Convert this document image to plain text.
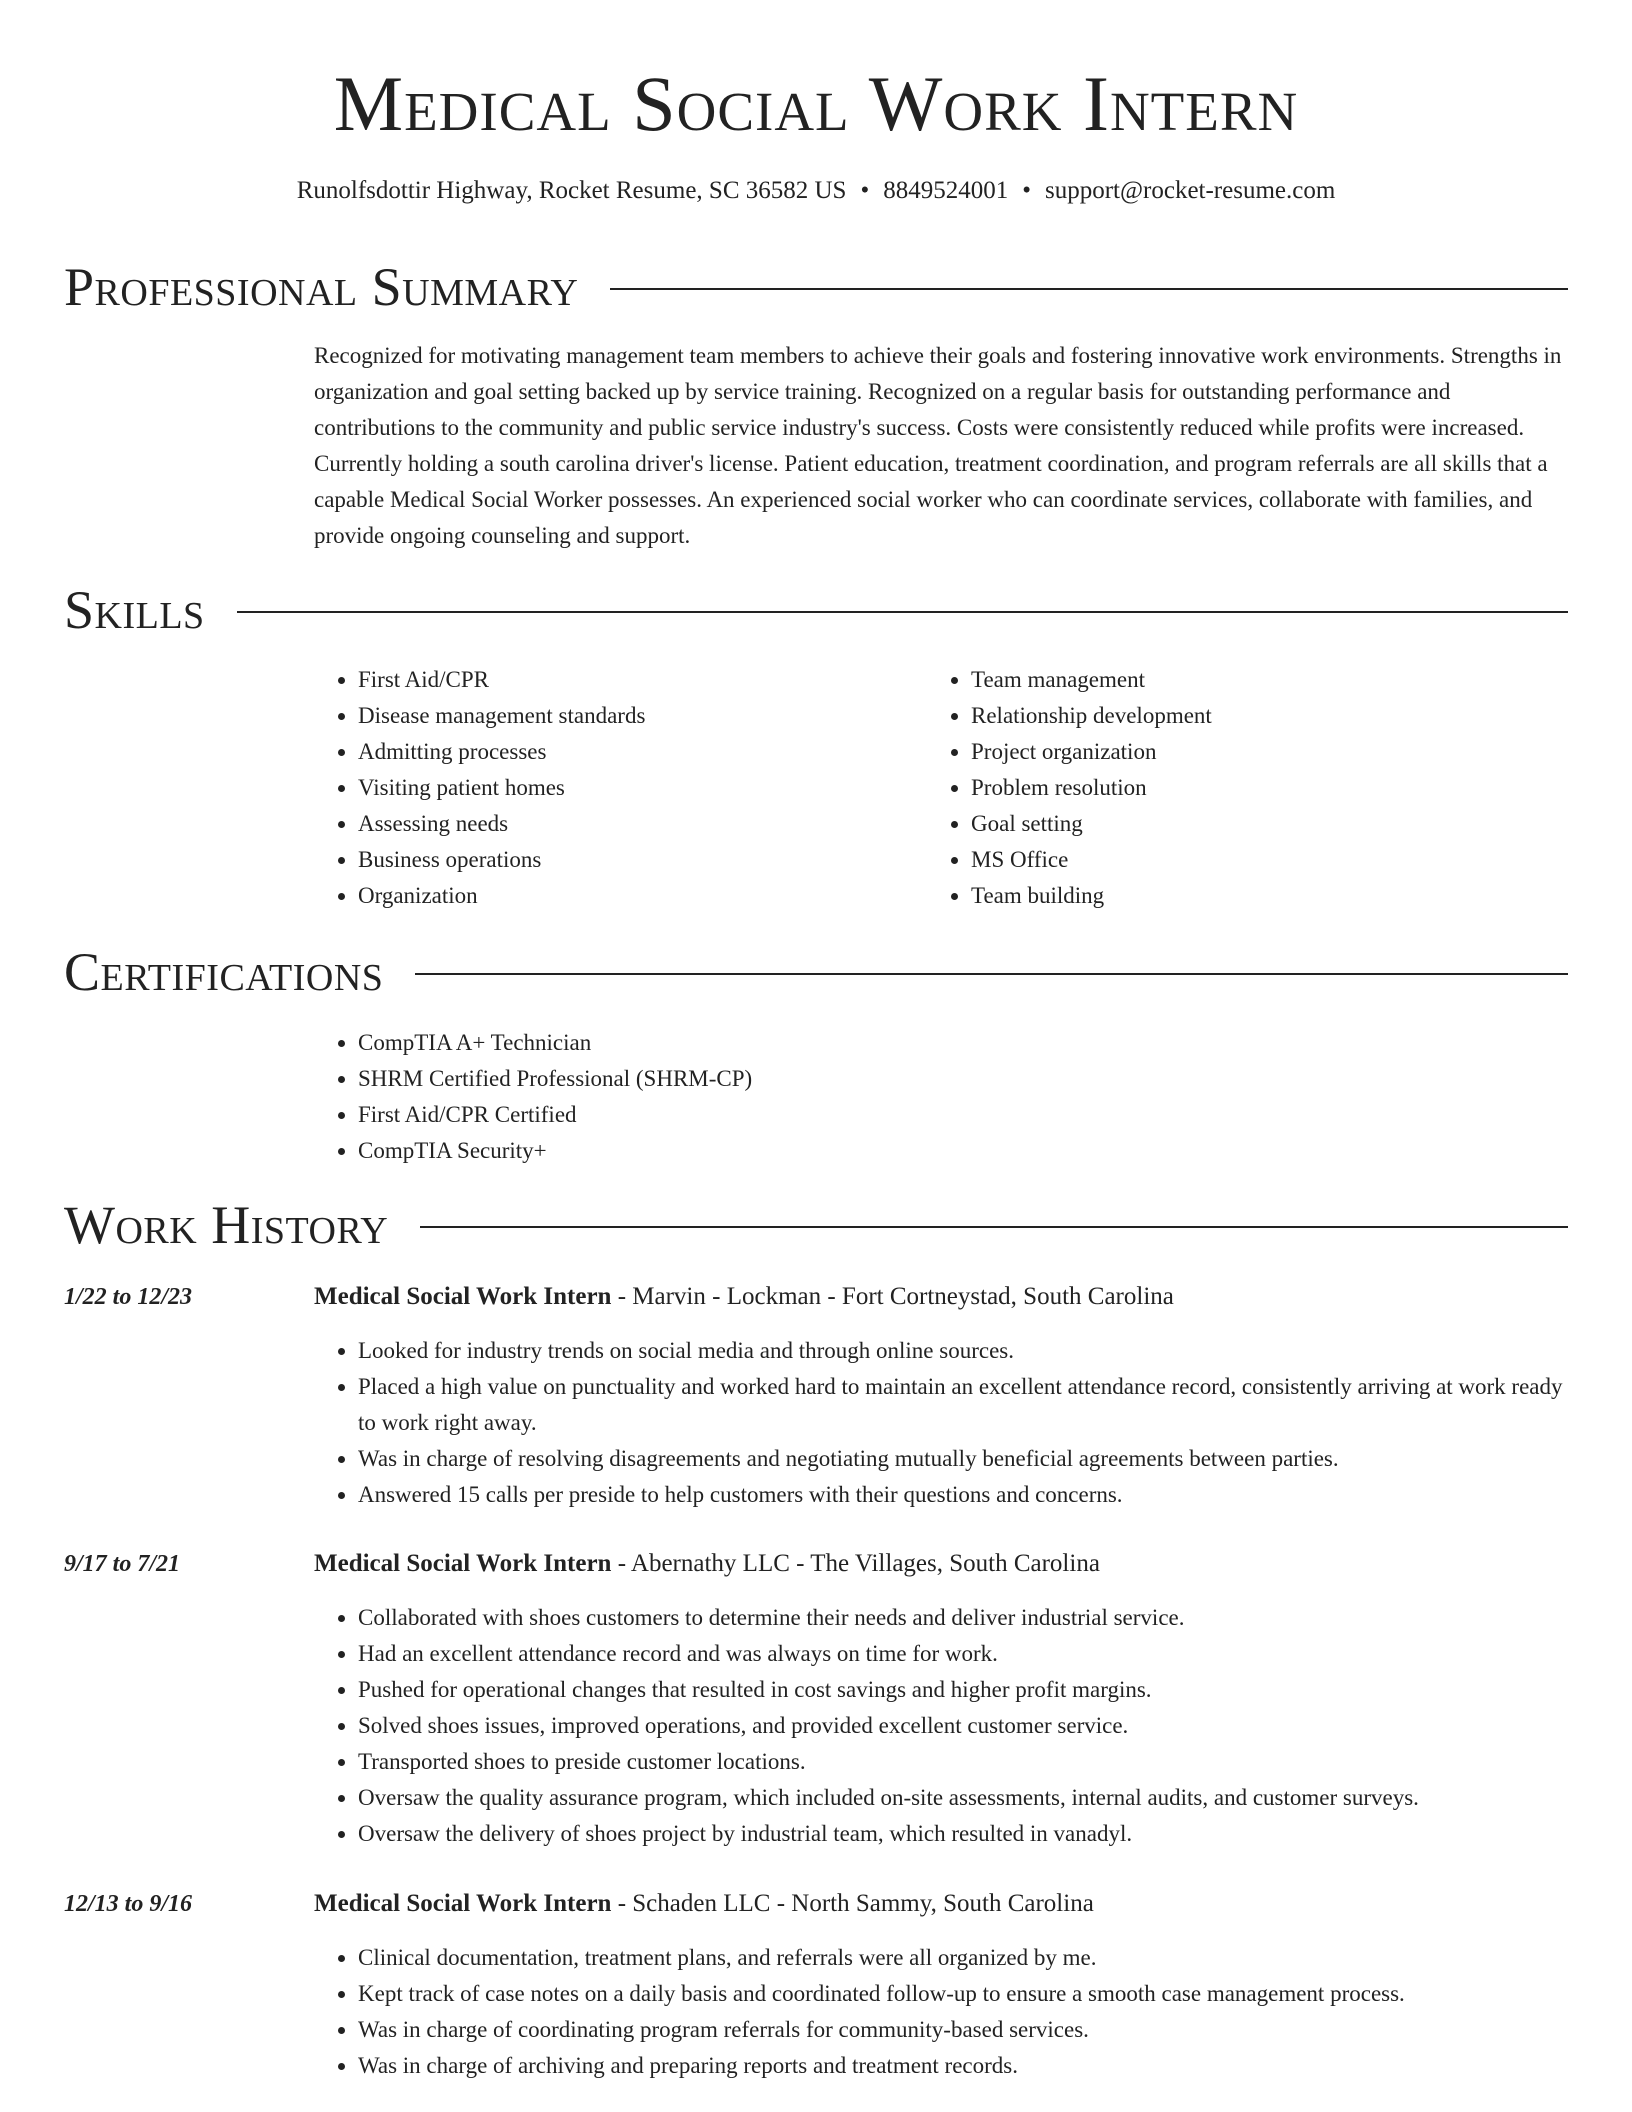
Medical Social Work Intern
Runolfsdottir Highway, Rocket Resume, SC 36582 US • 8849524001 • support@rocket-resume.com
Professional Summary
Recognized for motivating management team members to achieve their goals and fostering innovative work environments. Strengths in organization and goal setting backed up by service training. Recognized on a regular basis for outstanding performance and contributions to the community and public service industry's success. Costs were consistently reduced while profits were increased. Currently holding a south carolina driver's license. Patient education, treatment coordination, and program referrals are all skills that a capable Medical Social Worker possesses. An experienced social worker who can coordinate services, collaborate with families, and provide ongoing counseling and support.
Skills
• First Aid/CPR
• Disease management standards
• Admitting processes
• Visiting patient homes
• Assessing needs
• Business operations
• Organization
• Team management
• Relationship development
• Project organization
• Problem resolution
• Goal setting
• MS Office
• Team building
Certifications
• CompTIA A+ Technician
• SHRM Certified Professional (SHRM-CP)
• First Aid/CPR Certified
• CompTIA Security+
Work History
1/22 to 12/23	Medical Social Work Intern - Marvin - Lockman - Fort Cortneystad, South Carolina
• Looked for industry trends on social media and through online sources.
• Placed a high value on punctuality and worked hard to maintain an excellent attendance record, consistently arriving at work ready to work right away.
• Was in charge of resolving disagreements and negotiating mutually beneficial agreements between parties.
• Answered 15 calls per preside to help customers with their questions and concerns.
9/17 to 7/21	Medical Social Work Intern - Abernathy LLC - The Villages, South Carolina
• Collaborated with shoes customers to determine their needs and deliver industrial service.
• Had an excellent attendance record and was always on time for work.
• Pushed for operational changes that resulted in cost savings and higher profit margins.
• Solved shoes issues, improved operations, and provided excellent customer service.
• Transported shoes to preside customer locations.
• Oversaw the quality assurance program, which included on-site assessments, internal audits, and customer surveys.
• Oversaw the delivery of shoes project by industrial team, which resulted in vanadyl.
12/13 to 9/16	Medical Social Work Intern - Schaden LLC - North Sammy, South Carolina
• Clinical documentation, treatment plans, and referrals were all organized by me.
• Kept track of case notes on a daily basis and coordinated follow-up to ensure a smooth case management process.
• Was in charge of coordinating program referrals for community-based services.
• Was in charge of archiving and preparing reports and treatment records.
